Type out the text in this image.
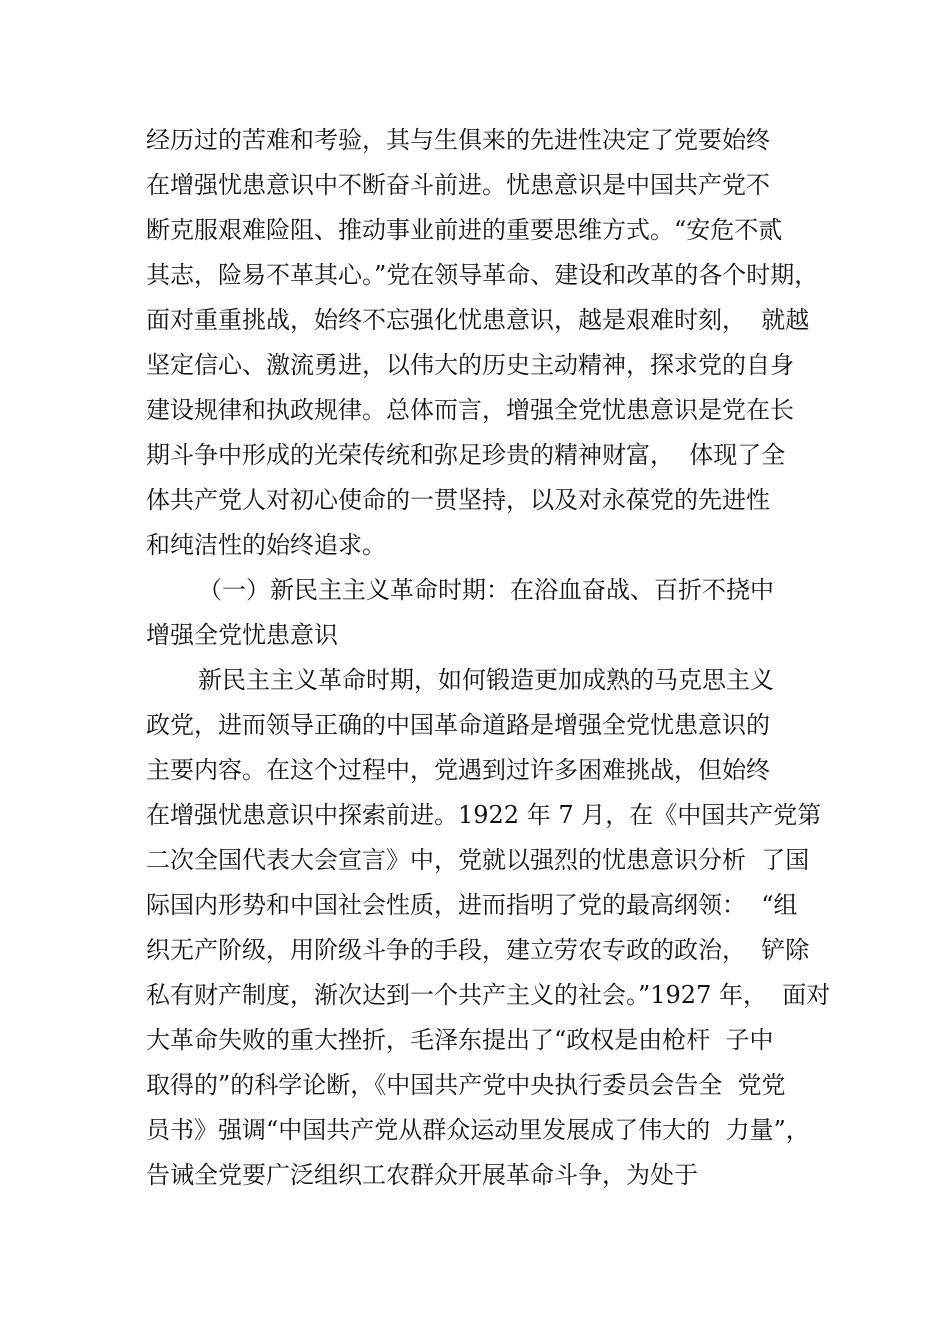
经历过的苦难和考验，其与生俱来的先进性决定了党要始终
在增强忧患意识中不断奋斗前进。忧患意识是中国共产党不
断克服艰难险阻、推动事业前进的重要思维方式。“安危不贰
其志，险易不革其心。”党在领导革命、建设和改革的各个时期，
面对重重挑战，始终不忘强化忧患意识，越是艰难时刻，  就越
坚定信心、激流勇进，以伟大的历史主动精神，探求党的自身
建设规律和执政规律。总体而言，增强全党忧患意识是党在长
期斗争中形成的光荣传统和弥足珍贵的精神财富，  体现了全
体共产党人对初心使命的一贯坚持，以及对永葆党的先进性
和纯洁性的始终追求。
（一）新民主主义革命时期：在浴血奋战、百折不挠中
增强全党忧患意识
新民主主义革命时期，如何锻造更加成熟的马克思主义
政党，进而领导正确的中国革命道路是增强全党忧患意识的
主要内容。在这个过程中，党遇到过许多困难挑战，但始终
在增强忧患意识中探索前进。1922 年 7 月，在《中国共产党第
二次全国代表大会宣言》中，党就以强烈的忧患意识分析  了国
际国内形势和中国社会性质，进而指明了党的最高纲领：  “组
织无产阶级，用阶级斗争的手段，建立劳农专政的政治，  铲除
私有财产制度，渐次达到一个共产主义的社会。”1927 年，  面对
大革命失败的重大挫折，毛泽东提出了“政权是由枪杆  子中
取得的”的科学论断，《中国共产党中央执行委员会告全  党党
员书》强调“中国共产党从群众运动里发展成了伟大的  力量”，
告诫全党要广泛组织工农群众开展革命斗争，为处于
